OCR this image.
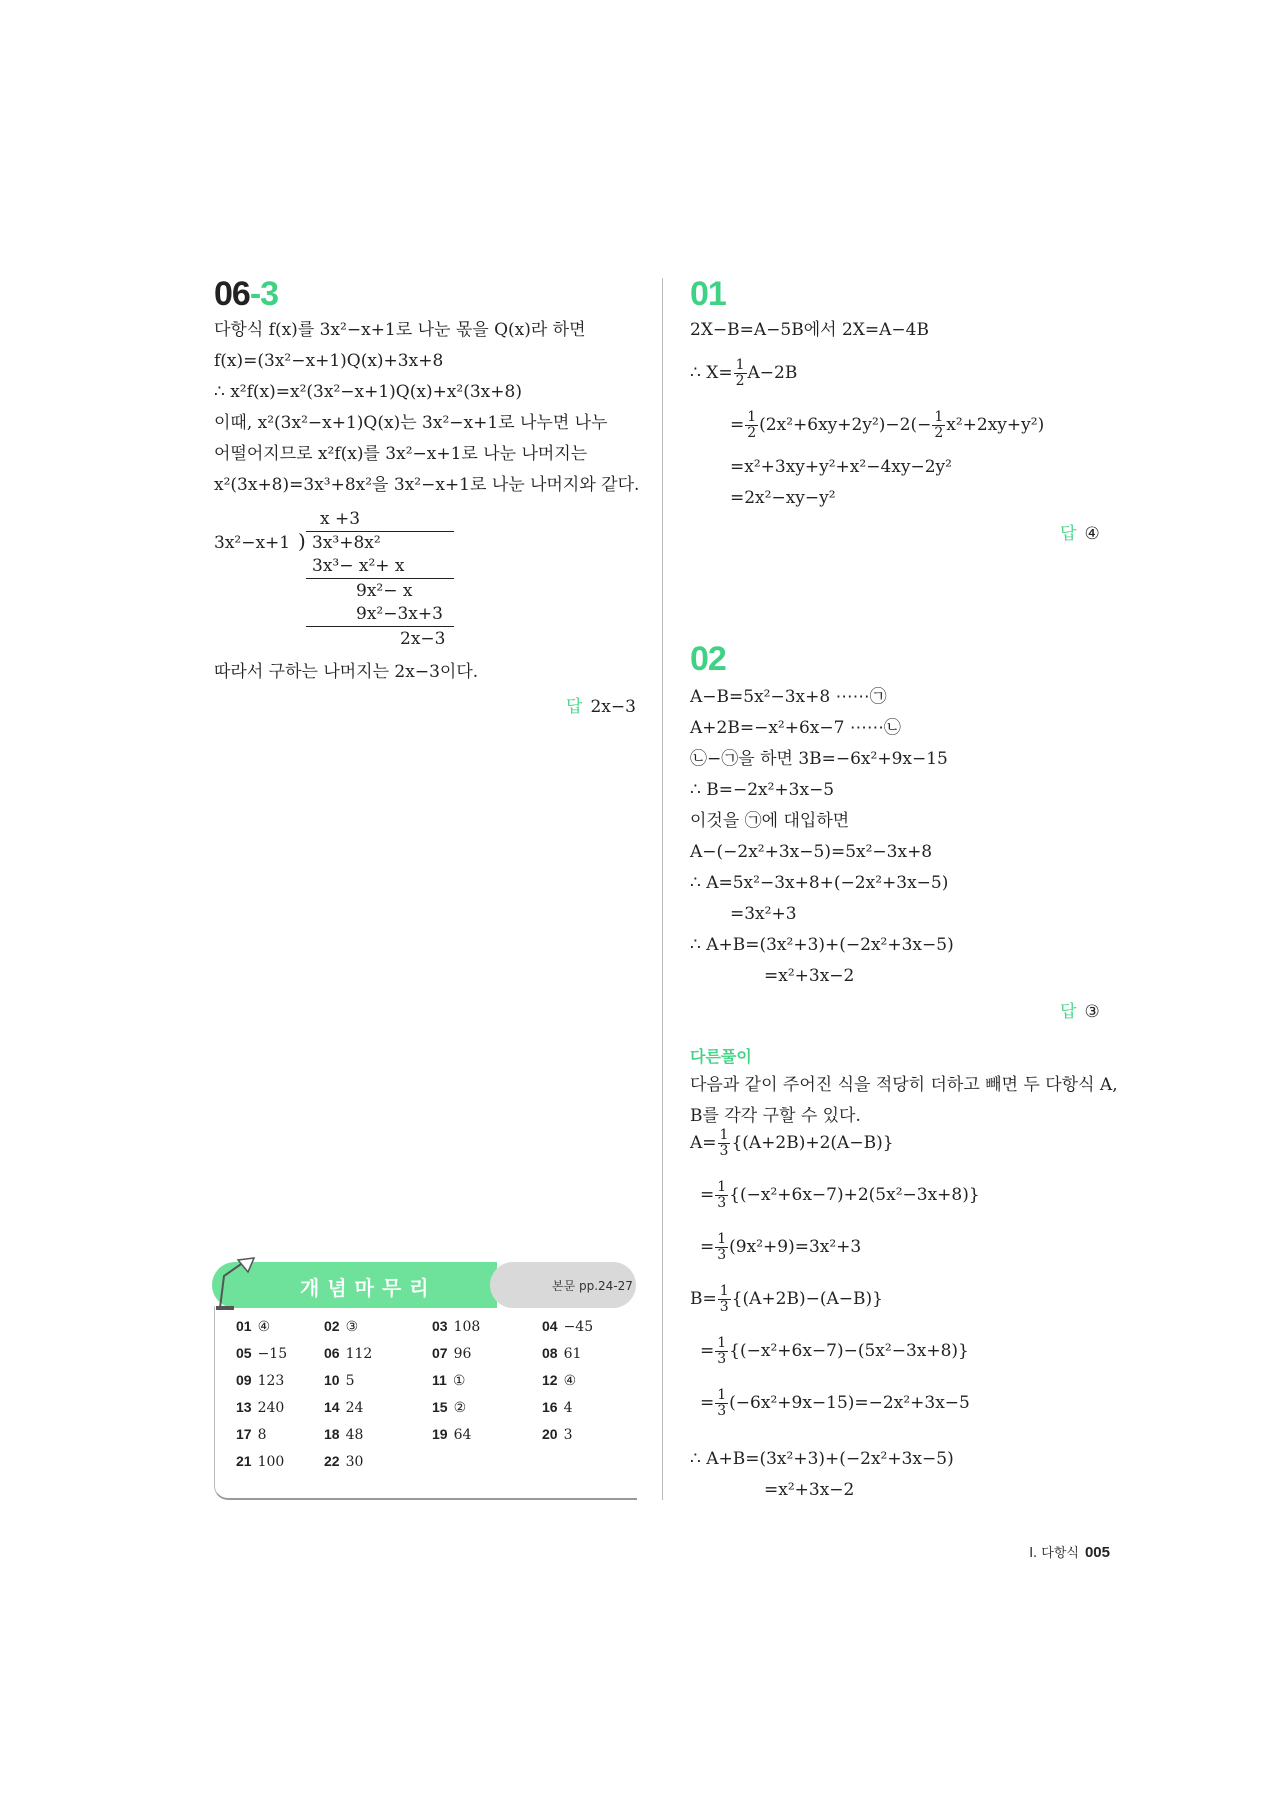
06-3
다항식 f(x)를 3x²−x+1로 나눈 몫을 Q(x)라 하면
f(x)=(3x²−x+1)Q(x)+3x+8
∴ x²f(x)=x²(3x²−x+1)Q(x)+x²(3x+8)
이때, x²(3x²−x+1)Q(x)는 3x²−x+1로 나누면 나누
어떨어지므로 x²f(x)를 3x²−x+1로 나눈 나머지는
x²(3x+8)=3x³+8x²을 3x²−x+1로 나눈 나머지와 같다.
x +3
3x²−x+1 ) 3x³+8x²
3x³− x²+ x
9x²− x
9x²−3x+3
2x−3
따라서 구하는 나머지는 2x−3이다.
답 2x−3
개념마무리	본문 pp.24-27
01 ④	02 ③	03 108	04 −45
05 −15	06 112	07 96	08 61
09 123	10 5	11 ①	12 ④
13 240	14 24	15 ②	16 4
17 8	18 48	19 64	20 3
21 100	22 30
01
2X−B=A−5B에서 2X=A−4B
∴ $X= \frac{1}{2} A-2B$
= $\frac{1}{2} (2x^2+6xy+2y^2)-2(- \frac{1}{2} x^2+2xy+y^2)$
=x²+3xy+y²+x²−4xy−2y²
=2x²−xy−y²
답 ④
02
A−B=5x²−3x+8 ⋯⋯㉠
A+2B=−x²+6x−7 ⋯⋯㉡
㉡−㉠을 하면 3B=−6x²+9x−15
∴ B=−2x²+3x−5
이것을 ㉠에 대입하면
A−(−2x²+3x−5)=5x²−3x+8
∴ A=5x²−3x+8+(−2x²+3x−5)
=3x²+3
∴ A+B=(3x²+3)+(−2x²+3x−5)
=x²+3x−2
답 ③
다른풀이
다음과 같이 주어진 식을 적당히 더하고 빼면 두 다항식 A,
B를 각각 구할 수 있다.
$A= \frac{1}{3} \{(A+2B)+2(A-B)\}$
= $\frac{1}{3} \{(-x^2+6x-7)+2(5x^2-3x+8)\}$
= $\frac{1}{3} (9x^2+9)=3x^2+3$
$B= \frac{1}{3} \{(A+2B)-(A-B)\}$
= $\frac{1}{3} \{(-x^2+6x-7)-(5x^2-3x+8)\}$
= $\frac{1}{3} (-6x^2+9x-15)=-2x^2+3x-5$
∴ A+B=(3x²+3)+(−2x²+3x−5)
=x²+3x−2
I. 다항식 005
